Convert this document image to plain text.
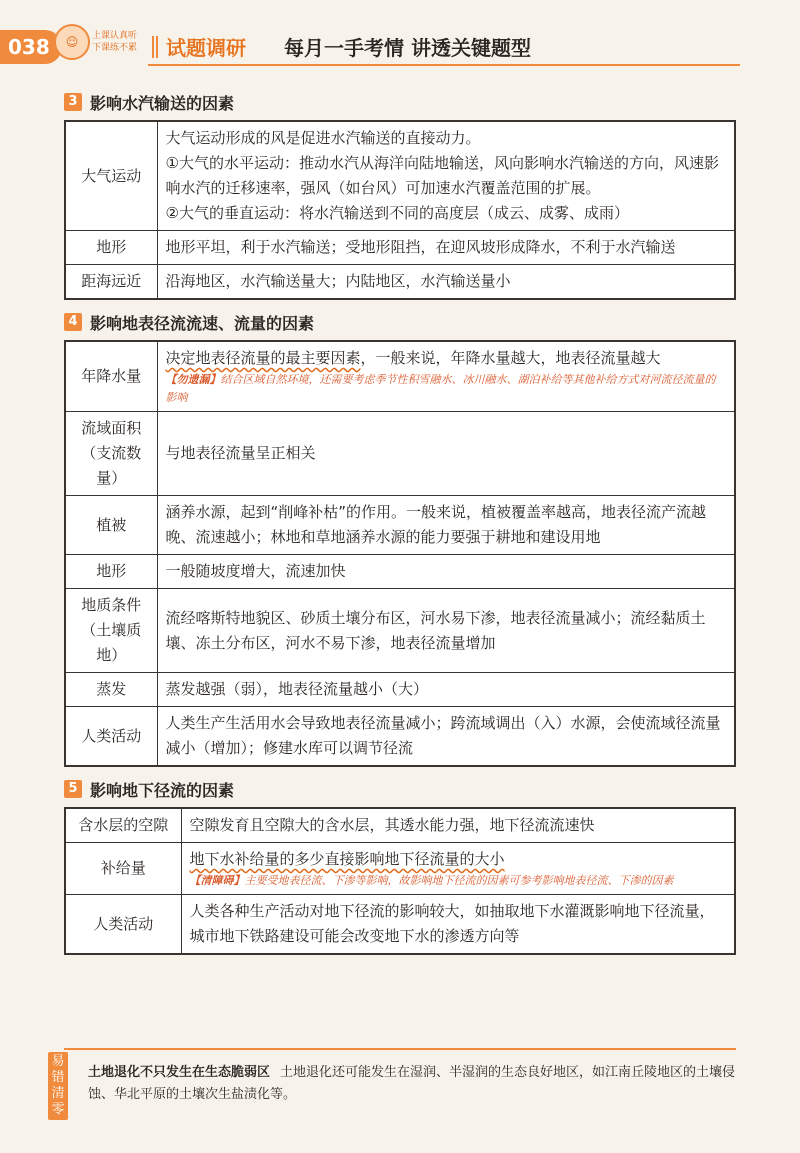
038	☺	上课认真听
下课练不累 试题调研 每月一手考情 讲透关键题型
3 影响水汽输送的因素
大气运动	大气运动形成的风是促进水汽输送的直接动力。
①大气的水平运动：推动水汽从海洋向陆地输送，风向影响水汽输送的方向，风速影响水汽的迁移速率，强风（如台风）可加速水汽覆盖范围的扩展。
②大气的垂直运动：将水汽输送到不同的高度层（成云、成雾、成雨）

地形	地形平坦，利于水汽输送；受地形阻挡，在迎风坡形成降水，不利于水汽输送
距海远近	沿海地区，水汽输送量大；内陆地区，水汽输送量小
4 影响地表径流流速、流量的因素
年降水量	决定地表径流量的最主要因素，一般来说，年降水量越大，地表径流量越大
【勿遗漏】结合区域自然环境，还需要考虑季节性积雪融水、冰川融水、湖泊补给等其他补给方式对河流径流量的影响

流域面积
（支流数量）	与地表径流量呈正相关
植被	涵养水源，起到“削峰补枯”的作用。一般来说，植被覆盖率越高，地表径流产流越晚、流速越小；林地和草地涵养水源的能力要强于耕地和建设用地
地形	一般随坡度增大，流速加快

地质条件
（土壤质地）	流经喀斯特地貌区、砂质土壤分布区，河水易下渗，地表径流量减小；流经黏质土壤、冻土分布区，河水不易下渗，地表径流量增加
蒸发	蒸发越强（弱），地表径流量越小（大）
人类活动	人类生产生活用水会导致地表径流量减小；跨流域调出（入）水源，会使流域径流量减小（增加）；修建水库可以调节径流
5 影响地下径流的因素
含水层的空隙	空隙发育且空隙大的含水层，其透水能力强，地下径流流速快
补给量	地下水补给量的多少直接影响地下径流量的大小
【清障碍】主要受地表径流、下渗等影响，故影响地下径流的因素可参考影响地表径流、下渗的因素

人类活动	人类各种生产活动对地下径流的影响较大，如抽取地下水灌溉影响地下径流量，城市地下铁路建设可能会改变地下水的渗透方向等
易错清零
土地退化不只发生在生态脆弱区 土地退化还可能发生在湿润、半湿润的生态良好地区，如江南丘陵地区的土壤侵蚀、华北平原的土壤次生盐渍化等。
